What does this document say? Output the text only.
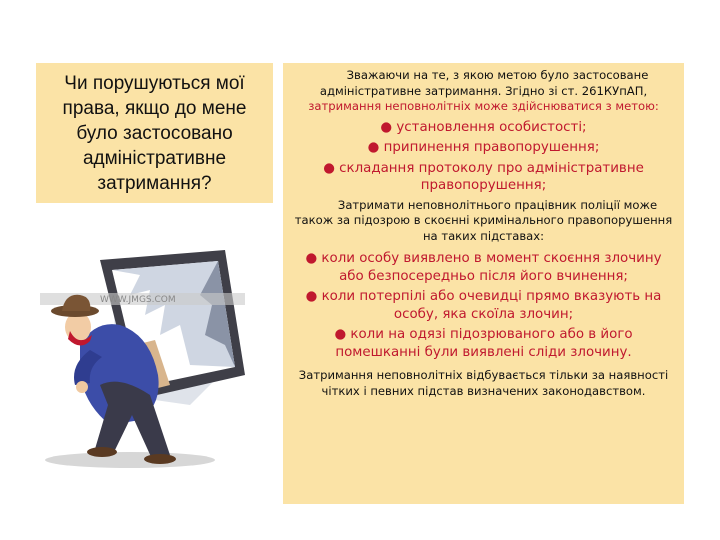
Чи порушуються мої права, якщо до мене було застосовано адміністративне затримання?
WWW.JMGS.COM

Зважаючи на те, з якою метою було застосоване адміністративне затримання. Згідно зі ст. 261КУпАП,

затримання неповнолітніх може здійснюватися з метою:

● установлення особистості;

● припинення правопорушення;

● складання протоколу про адміністративне правопорушення;

Затримати неповнолітнього працівник поліції може також за підозрою в скоєнні кримінального правопорушення на таких підставах:

● коли особу виявлено в момент скоєння злочину або безпосередньо після його вчинення;

● коли потерпілі або очевидці прямо вказують на особу, яка скоїла злочин;

● коли на одязі підозрюваного або в його помешканні були виявлені сліди злочину.

Затримання неповнолітніх відбувається тільки за наявності чітких і певних підстав визначених законодавством.
